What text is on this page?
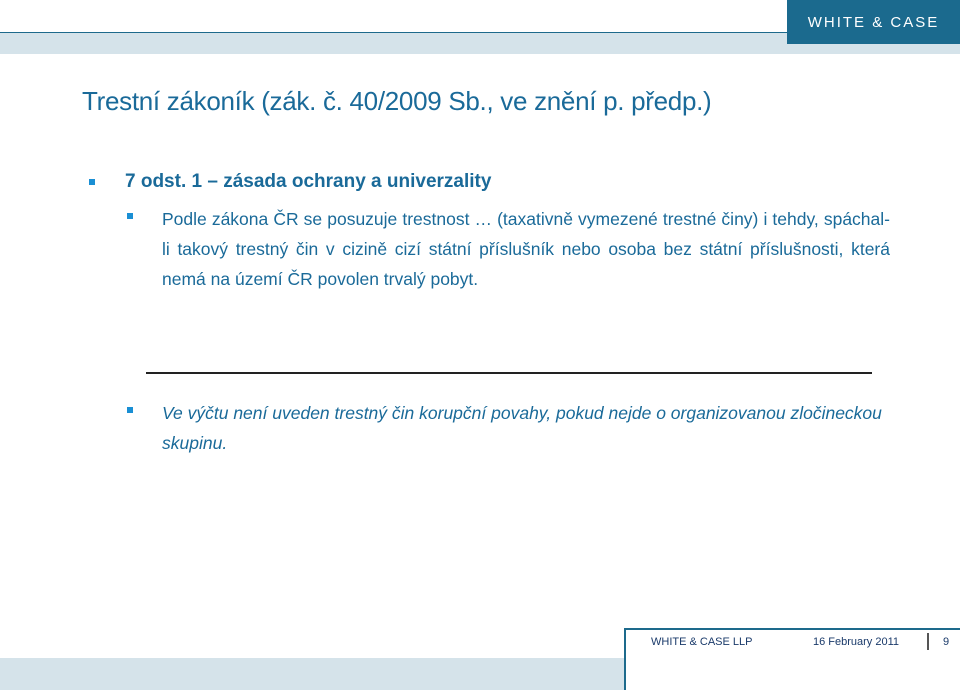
WHITE & CASE
Trestní zákoník (zák. č. 40/2009 Sb., ve znění p. předp.)
7 odst. 1 – zásada ochrany a univerzality
Podle zákona ČR se posuzuje trestnost … (taxativně vymezené trestné činy) i tehdy, spáchal-li takový trestný čin v cizině cizí státní příslušník nebo osoba bez státní příslušnosti, která nemá na území ČR povolen trvalý pobyt.
Ve výčtu není uveden trestný čin korupční povahy, pokud nejde o organizovanou zločineckou skupinu.
WHITE & CASE LLP	16 February 2011	9
